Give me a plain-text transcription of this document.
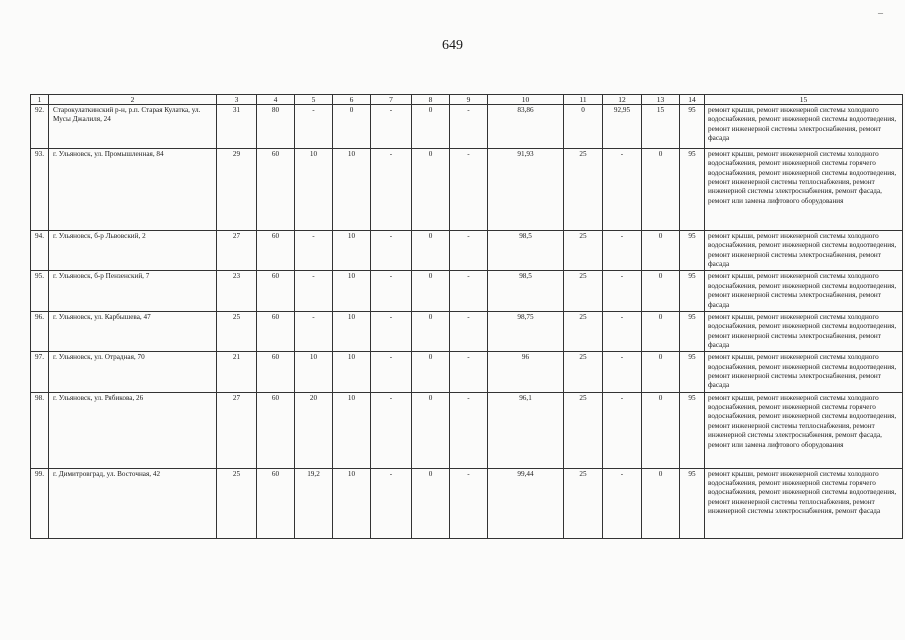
649
–
1	2	3	4	5	6	7	8	9	10	11	12	13	14	15
92.	Старокулаткинский р-н, р.п. Старая Кулатка, ул. Мусы Джалиля, 24	31	80	-	0	-	0	-	83,86	0	92,95	15	95	ремонт крыши, ремонт инженерной системы холодного водоснабжения, ремонт инженерной системы водоотведения, ремонт инженерной системы электроснабжения, ремонт фасада
93.	г. Ульяновск, ул. Промышленная, 84	29	60	10	10	-	0	-	91,93	25	-	0	95	ремонт крыши, ремонт инженерной системы холодного водоснабжения, ремонт инженерной системы горячего водоснабжения, ремонт инженерной системы водоотведения, ремонт инженерной системы теплоснабжения, ремонт инженерной системы электроснабжения, ремонт фасада, ремонт или замена лифтового оборудования
94.	г. Ульяновск, б-р Львовский, 2	27	60	-	10	-	0	-	98,5	25	-	0	95	ремонт крыши, ремонт инженерной системы холодного водоснабжения, ремонт инженерной системы водоотведения, ремонт инженерной системы электроснабжения, ремонт фасада
95.	г. Ульяновск, б-р Пензенский, 7	23	60	-	10	-	0	-	98,5	25	-	0	95	ремонт крыши, ремонт инженерной системы холодного водоснабжения, ремонт инженерной системы водоотведения, ремонт инженерной системы электроснабжения, ремонт фасада
96.	г. Ульяновск, ул. Карбышева, 47	25	60	-	10	-	0	-	98,75	25	-	0	95	ремонт крыши, ремонт инженерной системы холодного водоснабжения, ремонт инженерной системы водоотведения, ремонт инженерной системы электроснабжения, ремонт фасада
97.	г. Ульяновск, ул. Отрадная, 70	21	60	10	10	-	0	-	96	25	-	0	95	ремонт крыши, ремонт инженерной системы холодного водоснабжения, ремонт инженерной системы водоотведения, ремонт инженерной системы электроснабжения, ремонт фасада
98.	г. Ульяновск, ул. Рябикова, 26	27	60	20	10	-	0	-	96,1	25	-	0	95	ремонт крыши, ремонт инженерной системы холодного водоснабжения, ремонт инженерной системы горячего водоснабжения, ремонт инженерной системы водоотведения, ремонт инженерной системы теплоснабжения, ремонт инженерной системы электроснабжения, ремонт фасада, ремонт или замена лифтового оборудования
99.	г. Димитровград, ул. Восточная, 42	25	60	19,2	10	-	0	-	99,44	25	-	0	95	ремонт крыши, ремонт инженерной системы холодного водоснабжения, ремонт инженерной системы горячего водоснабжения, ремонт инженерной системы водоотведения, ремонт инженерной системы теплоснабжения, ремонт инженерной системы электроснабжения, ремонт фасада
